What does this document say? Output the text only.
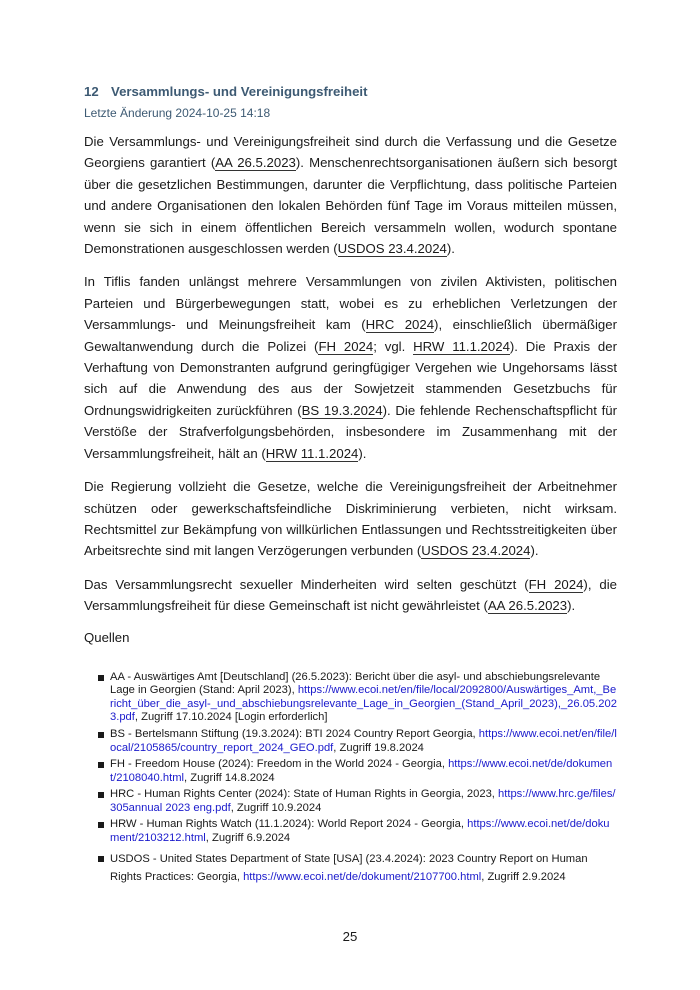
12 Versammlungs- und Vereinigungsfreiheit
Letzte Änderung 2024-10-25 14:18

Die Versammlungs- und Vereinigungsfreiheit sind durch die Verfassung und die Gesetze Georgiens garantiert (AA 26.5.2023). Menschenrechtsorganisationen äußern sich besorgt über die gesetzlichen Bestimmungen, darunter die Verpflichtung, dass politische Parteien und andere Organisationen den lokalen Behörden fünf Tage im Voraus mitteilen müssen, wenn sie sich in einem öffentlichen Bereich versammeln wollen, wodurch spontane Demonstrationen ausgeschlossen werden (USDOS 23.4.2024).

In Tiflis fanden unlängst mehrere Versammlungen von zivilen Aktivisten, politischen Parteien und Bürgerbewegungen statt, wobei es zu erheblichen Verletzungen der Versammlungs- und Meinungsfreiheit kam (HRC 2024), einschließlich übermäßiger Gewaltanwendung durch die Polizei (FH 2024; vgl. HRW 11.1.2024). Die Praxis der Verhaftung von Demonstranten aufgrund geringfügiger Vergehen wie Ungehorsams lässt sich auf die Anwendung des aus der Sowjetzeit stammenden Gesetzbuchs für Ordnungswidrigkeiten zurückführen (BS 19.3.2024). Die fehlende Rechenschaftspflicht für Verstöße der Strafverfolgungsbehörden, insbesondere im Zusammenhang mit der Versammlungsfreiheit, hält an (HRW 11.1.2024).

Die Regierung vollzieht die Gesetze, welche die Vereinigungsfreiheit der Arbeitnehmer schützen oder gewerkschaftsfeindliche Diskriminierung verbieten, nicht wirksam. Rechtsmittel zur Bekämpfung von willkürlichen Entlassungen und Rechtsstreitigkeiten über Arbeitsrechte sind mit langen Verzögerungen verbunden (USDOS 23.4.2024).

Das Versammlungsrecht sexueller Minderheiten wird selten geschützt (FH 2024), die Versammlungsfreiheit für diese Gemeinschaft ist nicht gewährleistet (AA 26.5.2023).

Quellen
AA - Auswärtiges Amt [Deutschland] (26.5.2023): Bericht über die asyl- und abschiebungsrelevante Lage in Georgien (Stand: April 2023), https://www.ecoi.net/en/file/local/2092800/Auswärtiges_Amt,_Bericht_über_die_asyl-_und_abschiebungsrelevante_Lage_in_Georgien_(Stand_April_2023),_26.05.2023.pdf, Zugriff 17.10.2024 [Login erforderlich]
BS - Bertelsmann Stiftung (19.3.2024): BTI 2024 Country Report Georgia, https://www.ecoi.net/en/file/local/2105865/country_report_2024_GEO.pdf, Zugriff 19.8.2024
FH - Freedom House (2024): Freedom in the World 2024 - Georgia, https://www.ecoi.net/de/dokument/2108040.html, Zugriff 14.8.2024
HRC - Human Rights Center (2024): State of Human Rights in Georgia, 2023, https://www.hrc.ge/files/305annual 2023 eng.pdf, Zugriff 10.9.2024
HRW - Human Rights Watch (11.1.2024): World Report 2024 - Georgia, https://www.ecoi.net/de/dokument/2103212.html, Zugriff 6.9.2024
USDOS - United States Department of State [USA] (23.4.2024): 2023 Country Report on Human Rights Practices: Georgia, https://www.ecoi.net/de/dokument/2107700.html, Zugriff 2.9.2024
25
